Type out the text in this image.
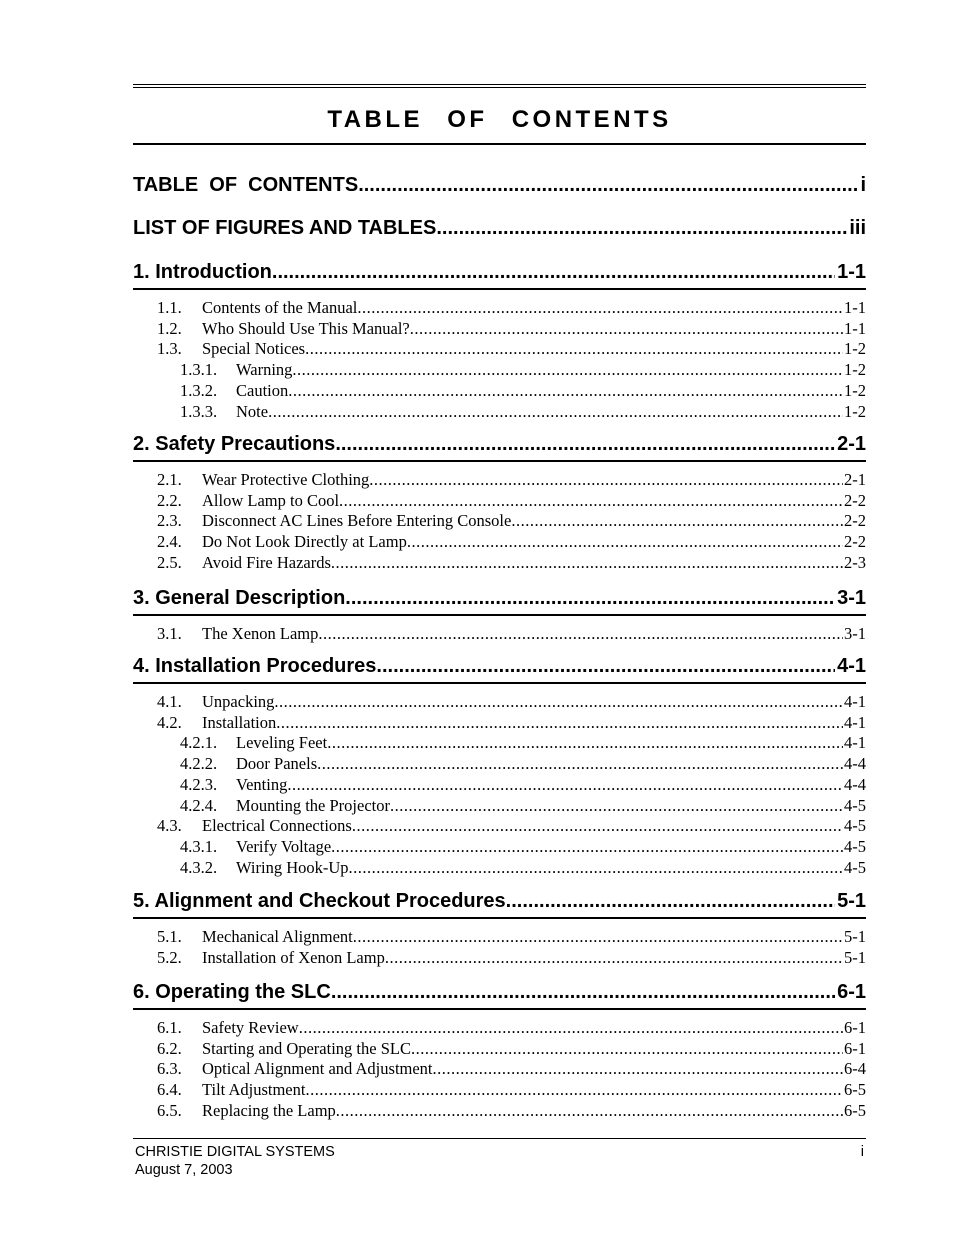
TABLE OF CONTENTS
TABLE  OF  CONTENTS .....	i
LIST OF FIGURES AND TABLES .....	iii
1. Introduction .....	1-1
1.1.	Contents of the Manual .....	1-1
1.2.	Who Should Use This Manual? .....	1-1
1.3.	Special Notices .....	1-2
1.3.1.	Warning .....	1-2
1.3.2.	Caution .....	1-2
1.3.3.	Note .....	1-2
2. Safety Precautions .....	2-1
2.1.	Wear Protective Clothing .....	2-1
2.2.	Allow Lamp to Cool .....	2-2
2.3.	Disconnect AC Lines Before Entering Console .....	2-2
2.4.	Do Not Look Directly at Lamp .....	2-2
2.5.	Avoid Fire Hazards .....	2-3
3. General Description .....	3-1
3.1.	The Xenon Lamp .....	3-1
4. Installation Procedures .....	4-1
4.1.	Unpacking .....	4-1
4.2.	Installation .....	4-1
4.2.1.	Leveling Feet .....	4-1
4.2.2.	Door Panels .....	4-4
4.2.3.	Venting .....	4-4
4.2.4.	Mounting the Projector .....	4-5
4.3.	Electrical Connections .....	4-5
4.3.1.	Verify Voltage .....	4-5
4.3.2.	Wiring Hook-Up .....	4-5
5. Alignment and Checkout Procedures .....	5-1
5.1.	Mechanical Alignment .....	5-1
5.2.	Installation of Xenon Lamp .....	5-1
6. Operating the SLC .....	6-1
6.1.	Safety Review .....	6-1
6.2.	Starting and Operating the SLC .....	6-1
6.3.	Optical Alignment and Adjustment .....	6-4
6.4.	Tilt Adjustment .....	6-5
6.5.	Replacing the Lamp .....	6-5
CHRISTIE DIGITAL SYSTEMS
August 7, 2003
i
